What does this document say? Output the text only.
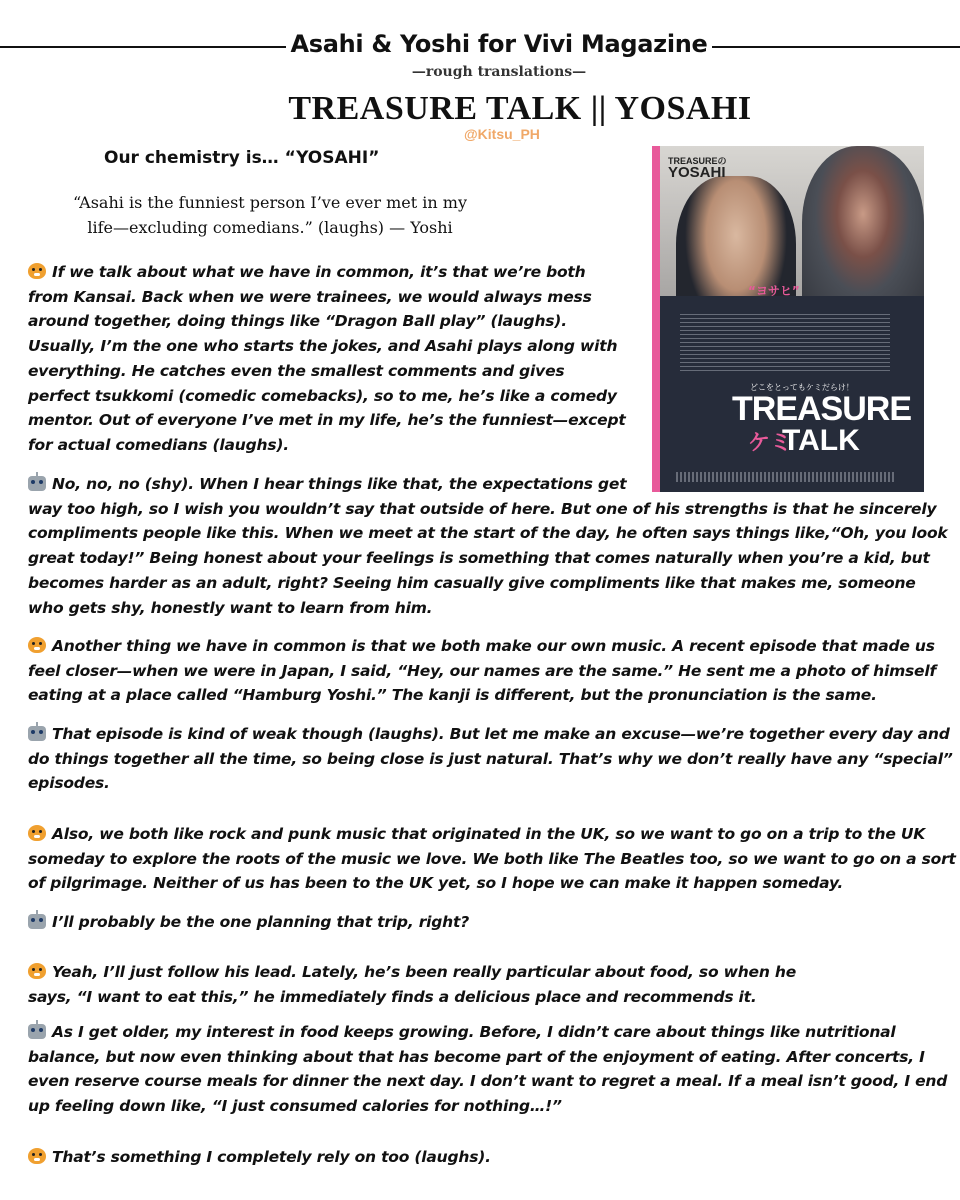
Asahi & Yoshi for Vivi Magazine
—rough translations—
TREASURE TALK || YOSAHI
@Kitsu_PH
Our chemistry is… “YOSAHI”
“Asahi is the funniest person I’ve ever met in my
life—excluding comedians.” (laughs) — Yoshi
TREASUREの
YOSAHI
“ヨサヒ”
どこをとってもケミだらけ！
TREASURE
ケミ
TALK
If we talk about what we have in common, it’s that we’re both
from Kansai. Back when we were trainees, we would always mess
around together, doing things like “Dragon Ball play” (laughs).
Usually, I’m the one who starts the jokes, and Asahi plays along with
everything. He catches even the smallest comments and gives
perfect tsukkomi (comedic comebacks), so to me, he’s like a comedy
mentor. Out of everyone I’ve met in my life, he’s the funniest—except
for actual comedians (laughs).
No, no, no (shy). When I hear things like that, the expectations get
way too high, so I wish you wouldn’t say that outside of here. But one of his strengths is that he sincerely
compliments people like this. When we meet at the start of the day, he often says things like,“Oh, you look
great today!” Being honest about your feelings is something that comes naturally when you’re a kid, but
becomes harder as an adult, right? Seeing him casually give compliments like that makes me, someone
who gets shy, honestly want to learn from him.
Another thing we have in common is that we both make our own music. A recent episode that made us
feel closer—when we were in Japan, I said, “Hey, our names are the same.” He sent me a photo of himself
eating at a place called “Hamburg Yoshi.” The kanji is different, but the pronunciation is the same.
That episode is kind of weak though (laughs). But let me make an excuse—we’re together every day and
do things together all the time, so being close is just natural. That’s why we don’t really have any “special”
episodes.
Also, we both like rock and punk music that originated in the UK, so we want to go on a trip to the UK
someday to explore the roots of the music we love. We both like The Beatles too, so we want to go on a sort
of pilgrimage. Neither of us has been to the UK yet, so I hope we can make it happen someday.
I’ll probably be the one planning that trip, right?
Yeah, I’ll just follow his lead. Lately, he’s been really particular about food, so when he
says, “I want to eat this,” he immediately finds a delicious place and recommends it.
As I get older, my interest in food keeps growing. Before, I didn’t care about things like nutritional
balance, but now even thinking about that has become part of the enjoyment of eating. After concerts, I
even reserve course meals for dinner the next day. I don’t want to regret a meal. If a meal isn’t good, I end
up feeling down like, “I just consumed calories for nothing…!”
That’s something I completely rely on too (laughs).
